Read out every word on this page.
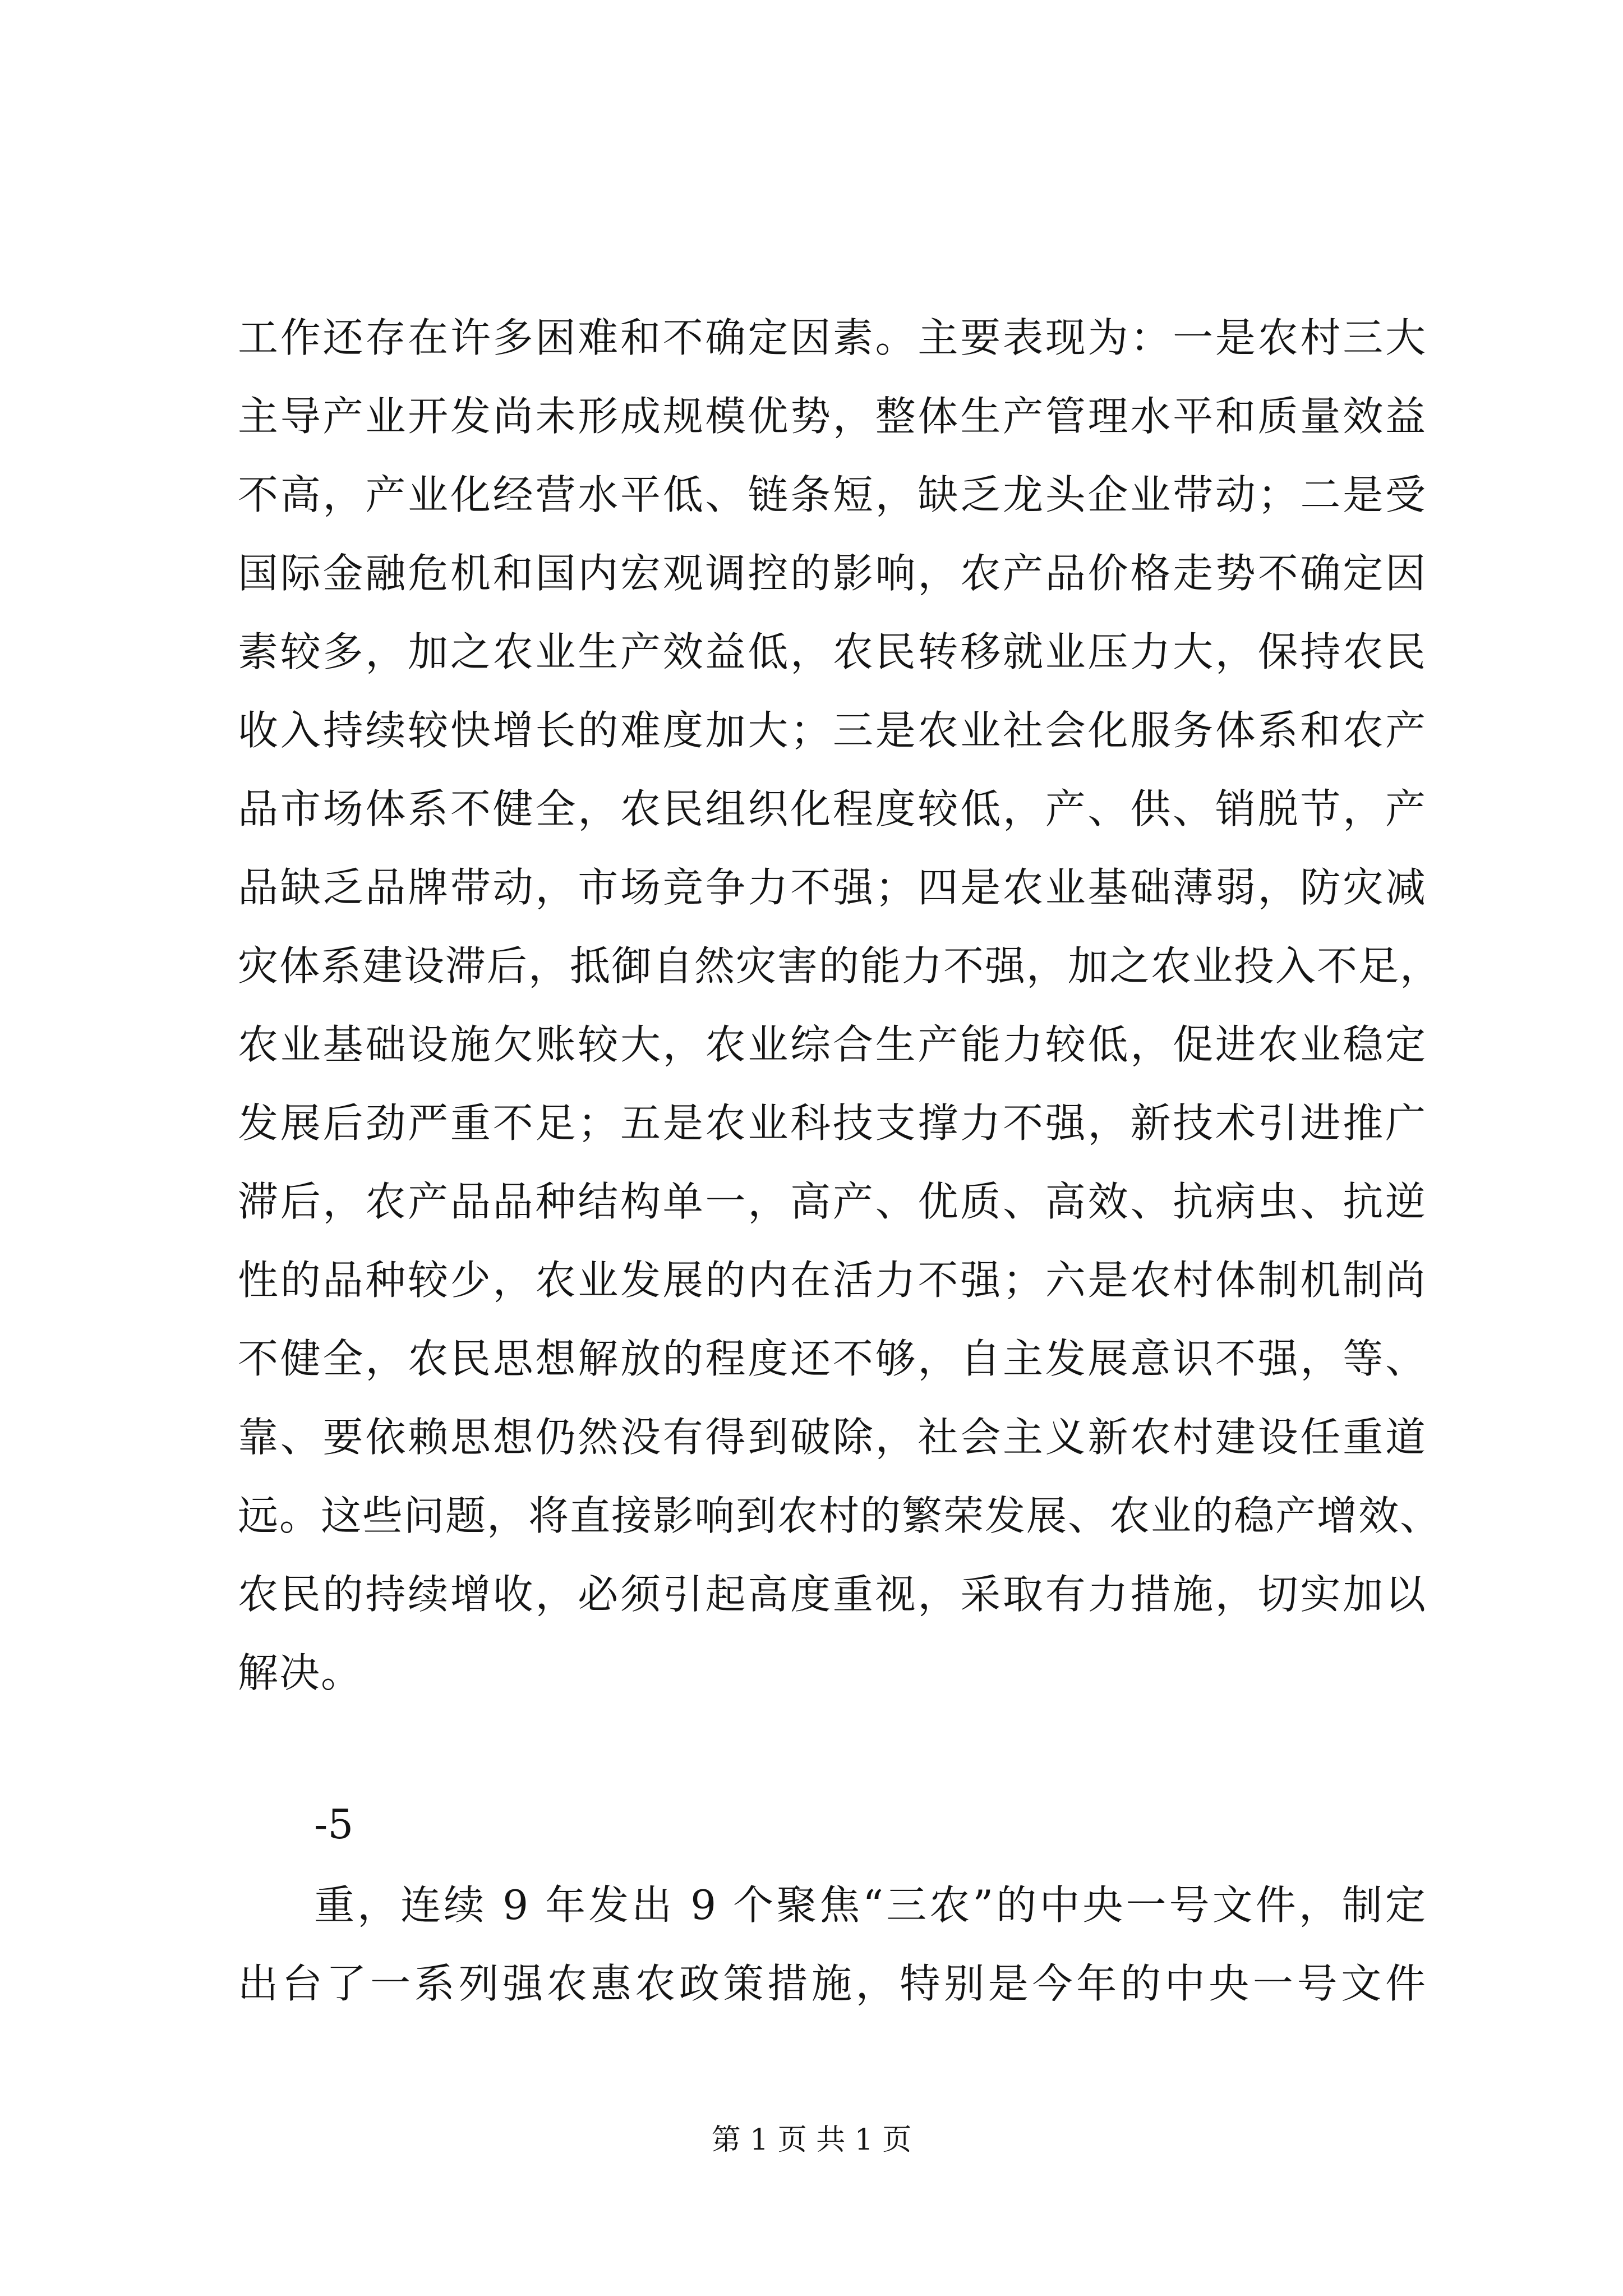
工作还存在许多困难和不确定因素。主要表现为：一是农村三大
主导产业开发尚未形成规模优势，整体生产管理水平和质量效益
不高，产业化经营水平低、链条短，缺乏龙头企业带动；二是受
国际金融危机和国内宏观调控的影响，农产品价格走势不确定因
素较多，加之农业生产效益低，农民转移就业压力大，保持农民
收入持续较快增长的难度加大；三是农业社会化服务体系和农产
品市场体系不健全，农民组织化程度较低，产、供、销脱节，产
品缺乏品牌带动，市场竞争力不强；四是农业基础薄弱，防灾减
灾体系建设滞后，抵御自然灾害的能力不强，加之农业投入不足，
农业基础设施欠账较大，农业综合生产能力较低，促进农业稳定
发展后劲严重不足；五是农业科技支撑力不强，新技术引进推广
滞后，农产品品种结构单一，高产、优质、高效、抗病虫、抗逆
性的品种较少，农业发展的内在活力不强；六是农村体制机制尚
不健全，农民思想解放的程度还不够，自主发展意识不强，等、
靠、要依赖思想仍然没有得到破除，社会主义新农村建设任重道
远。这些问题，将直接影响到农村的繁荣发展、农业的稳产增效、
农民的持续增收，必须引起高度重视，采取有力措施，切实加以
解决。
-5
重，连续 9 年发出 9 个聚焦“三农”的中央一号文件，制定
出台了一系列强农惠农政策措施，特别是今年的中央一号文件
第 1 页 共 1 页
